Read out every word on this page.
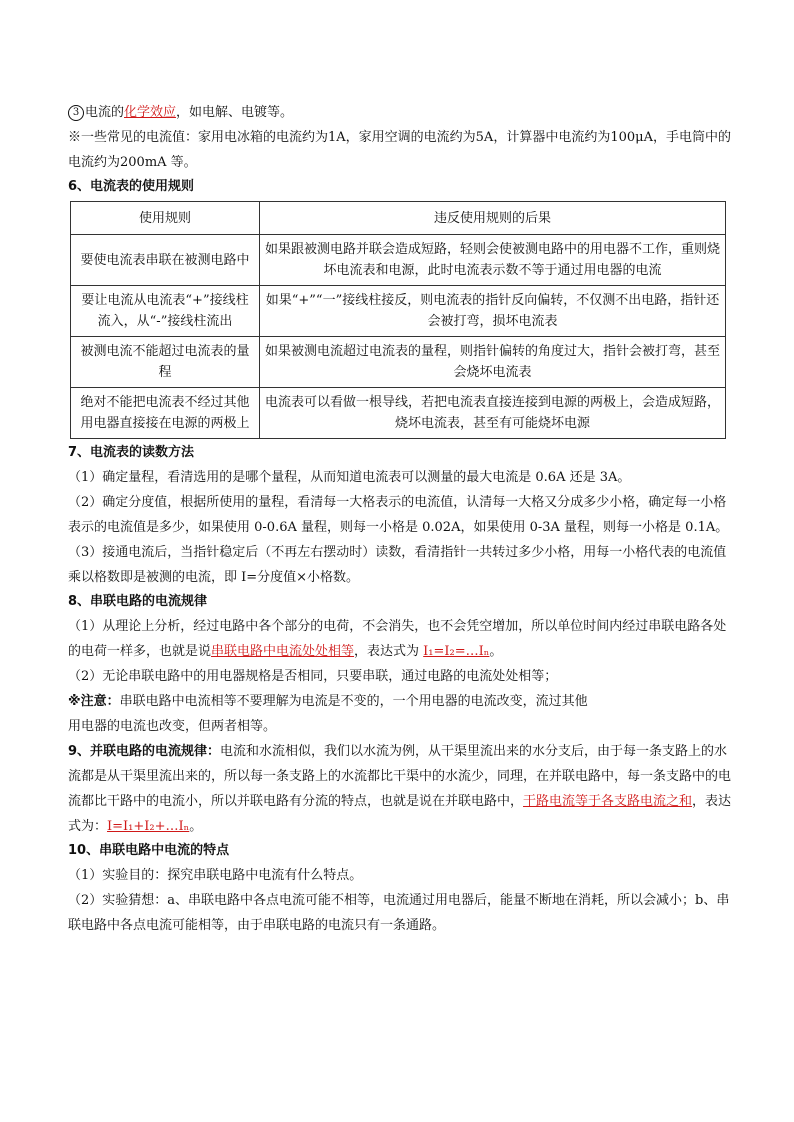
3 电流的化学效应，如电解、电镀等。

※一些常见的电流值：家用电冰箱的电流约为1A，家用空调的电流约为5A，计算器中电流约为100μA，手电筒中的电流约为200mA 等。

6、电流表的使用规则

使用规则	违反使用规则的后果
要使电流表串联在被测电路中	如果跟被测电路并联会造成短路，轻则会使被测电路中的用电器不工作，重则烧坏电流表和电源，此时电流表示数不等于通过用电器的电流
要让电流从电流表“+”接线柱流入，从“-”接线柱流出	如果“+”“一”接线柱接反，则电流表的指针反向偏转，不仅测不出电路，指针还会被打弯，损坏电流表
被测电流不能超过电流表的量程	如果被测电流超过电流表的量程，则指针偏转的角度过大，指针会被打弯，甚至会烧坏电流表
绝对不能把电流表不经过其他用电器直接接在电源的两极上	电流表可以看做一根导线，若把电流表直接连接到电源的两极上，会造成短路，烧坏电流表，甚至有可能烧坏电源

7、电流表的读数方法

（1）确定量程，看清选用的是哪个量程，从而知道电流表可以测量的最大电流是 0.6A 还是 3A。

（2）确定分度值，根据所使用的量程，看清每一大格表示的电流值，认清每一大格又分成多少小格，确定每一小格表示的电流值是多少，如果使用 0-0.6A 量程，则每一小格是 0.02A，如果使用 0-3A 量程，则每一小格是 0.1A。

（3）接通电流后，当指针稳定后（不再左右摆动时）读数，看清指针一共转过多少小格，用每一小格代表的电流值乘以格数即是被测的电流，即 I=分度值×小格数。

8、串联电路的电流规律

（1）从理论上分析，经过电路中各个部分的电荷，不会消失，也不会凭空增加，所以单位时间内经过串联电路各处的电荷一样多，也就是说串联电路中电流处处相等，表达式为 I₁=I₂=…Iₙ。

（2）无论串联电路中的用电器规格是否相同，只要串联，通过电路的电流处处相等；

※注意：串联电路中电流相等不要理解为电流是不变的，一个用电器的电流改变，流过其他

用电器的电流也改变，但两者相等。

9、并联电路的电流规律：电流和水流相似，我们以水流为例，从干渠里流出来的水分支后，由于每一条支路上的水流都是从干渠里流出来的，所以每一条支路上的水流都比干渠中的水流少，同理，在并联电路中，每一条支路中的电流都比干路中的电流小，所以并联电路有分流的特点，也就是说在并联电路中，干路电流等于各支路电流之和，表达式为：I=I₁+I₂+…Iₙ。

10、串联电路中电流的特点

（1）实验目的：探究串联电路中电流有什么特点。

（2）实验猜想：a、串联电路中各点电流可能不相等，电流通过用电器后，能量不断地在消耗，所以会减小；b、串联电路中各点电流可能相等，由于串联电路的电流只有一条通路。
